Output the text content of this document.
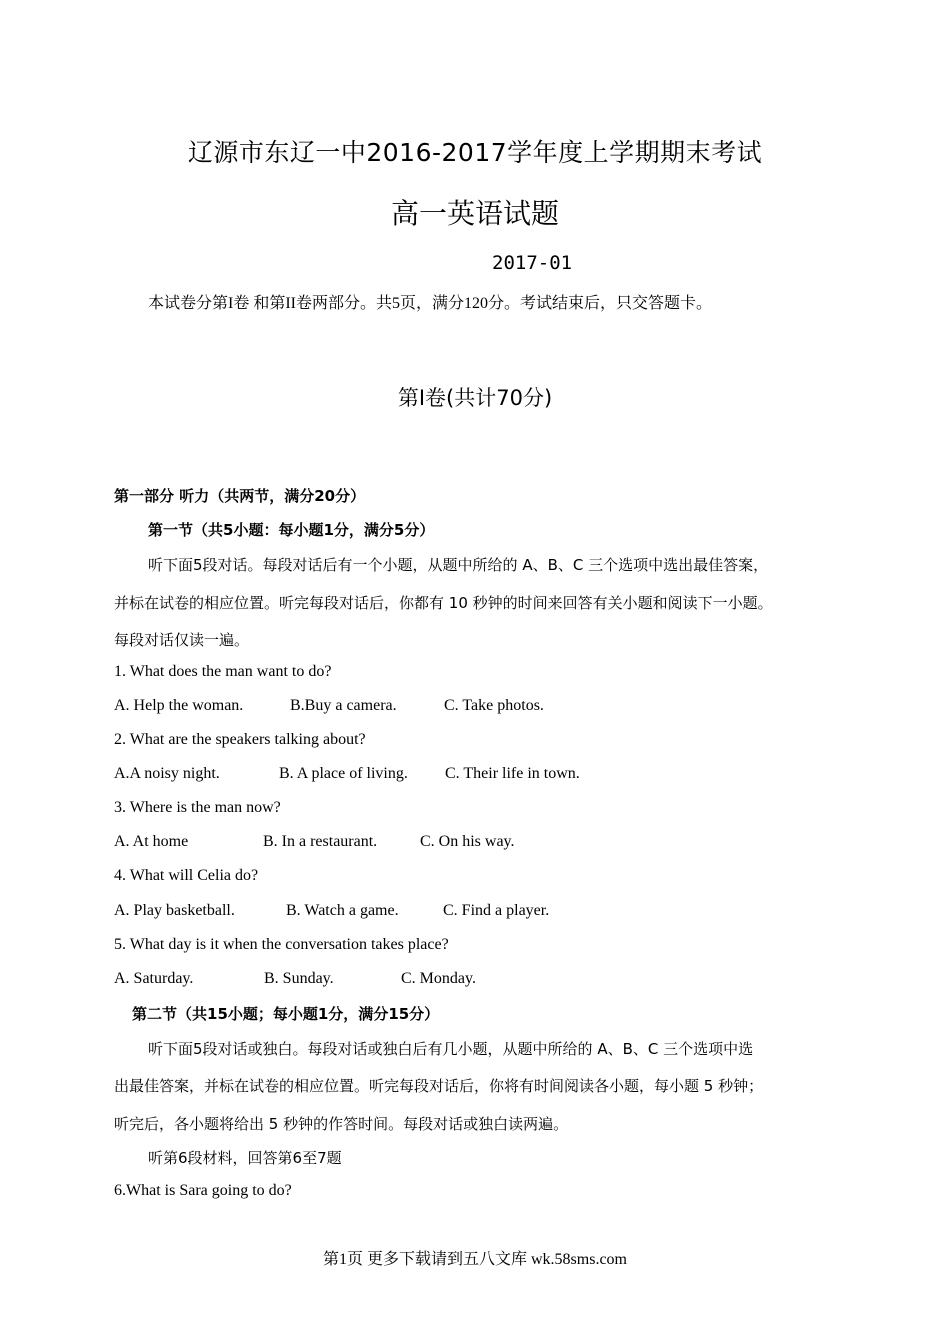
辽源市东辽一中2016-2017学年度上学期期末考试
高一英语试题
2017-01
本试卷分第I卷 和第II卷两部分。共5页，满分120分。考试结束后，只交答题卡。
第Ⅰ卷(共计70分)
第一部分 听力（共两节，满分20分）
第一节（共5小题：每小题1分，满分5分）
听下面5段对话。每段对话后有一个小题，从题中所给的 A、B、C 三个选项中选出最佳答案，
并标在试卷的相应位置。听完每段对话后，你都有 10 秒钟的时间来回答有关小题和阅读下一小题。
每段对话仅读一遍。
1. What does the man want to do?
A. Help the woman.	B.Buy a camera.	C. Take photos.
2. What are the speakers talking about?
A.A noisy night.	B. A place of living. C. Their life in town.
3. Where is the man now?
A. At home	B. In a restaurant.	C. On his way.
4. What will Celia do?
A. Play basketball.	B. Watch a game.	C. Find a player.
5. What day is it when the conversation takes place?
A. Saturday.	B. Sunday.	C. Monday.
第二节（共15小题；每小题1分，满分15分）
听下面5段对话或独白。每段对话或独白后有几小题，从题中所给的 A、B、C 三个选项中选
出最佳答案，并标在试卷的相应位置。听完每段对话后，你将有时间阅读各小题，每小题 5 秒钟；
听完后，各小题将给出 5 秒钟的作答时间。每段对话或独白读两遍。
听第6段材料，回答第6至7题
6.What is Sara going to do?
第1页 更多下载请到五八文库 wk.58sms.com
